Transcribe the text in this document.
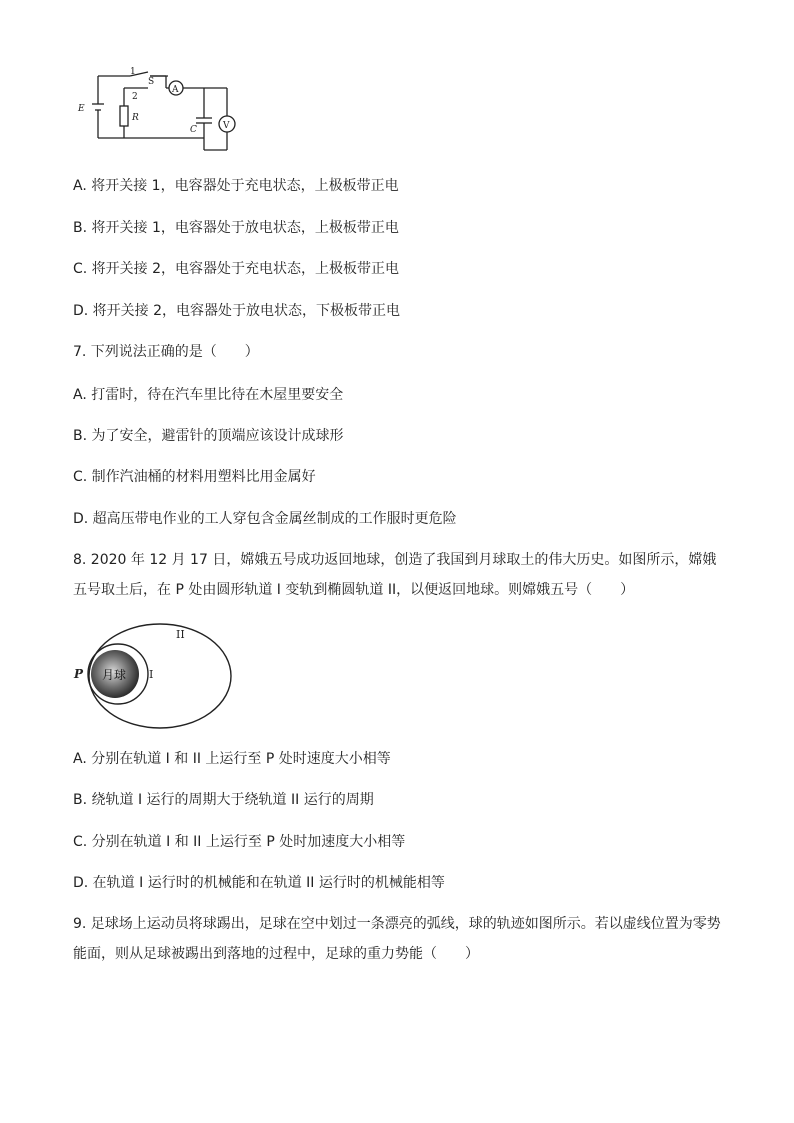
1
S
2
A
E
R
C	V
A. 将开关接 1，电容器处于充电状态，上极板带正电
B. 将开关接 1，电容器处于放电状态，上极板带正电
C. 将开关接 2，电容器处于充电状态，上极板带正电
D. 将开关接 2，电容器处于放电状态，下极板带正电
7. 下列说法正确的是（　　）
A. 打雷时，待在汽车里比待在木屋里要安全
B. 为了安全，避雷针的顶端应该设计成球形
C. 制作汽油桶的材料用塑料比用金属好
D. 超高压带电作业的工人穿包含金属丝制成的工作服时更危险
8. 2020 年 12 月 17 日，嫦娥五号成功返回地球，创造了我国到月球取土的伟大历史。如图所示，嫦娥五号取土后，在 P 处由圆形轨道 I 变轨到椭圆轨道 II，以便返回地球。则嫦娥五号（　　）
月球
P	I
II
A. 分别在轨道 I 和 II 上运行至 P 处时速度大小相等
B. 绕轨道 I 运行的周期大于绕轨道 II 运行的周期
C. 分别在轨道 I 和 II 上运行至 P 处时加速度大小相等
D. 在轨道 I 运行时的机械能和在轨道 II 运行时的机械能相等
9. 足球场上运动员将球踢出，足球在空中划过一条漂亮的弧线，球的轨迹如图所示。若以虚线位置为零势能面，则从足球被踢出到落地的过程中，足球的重力势能（　　）
